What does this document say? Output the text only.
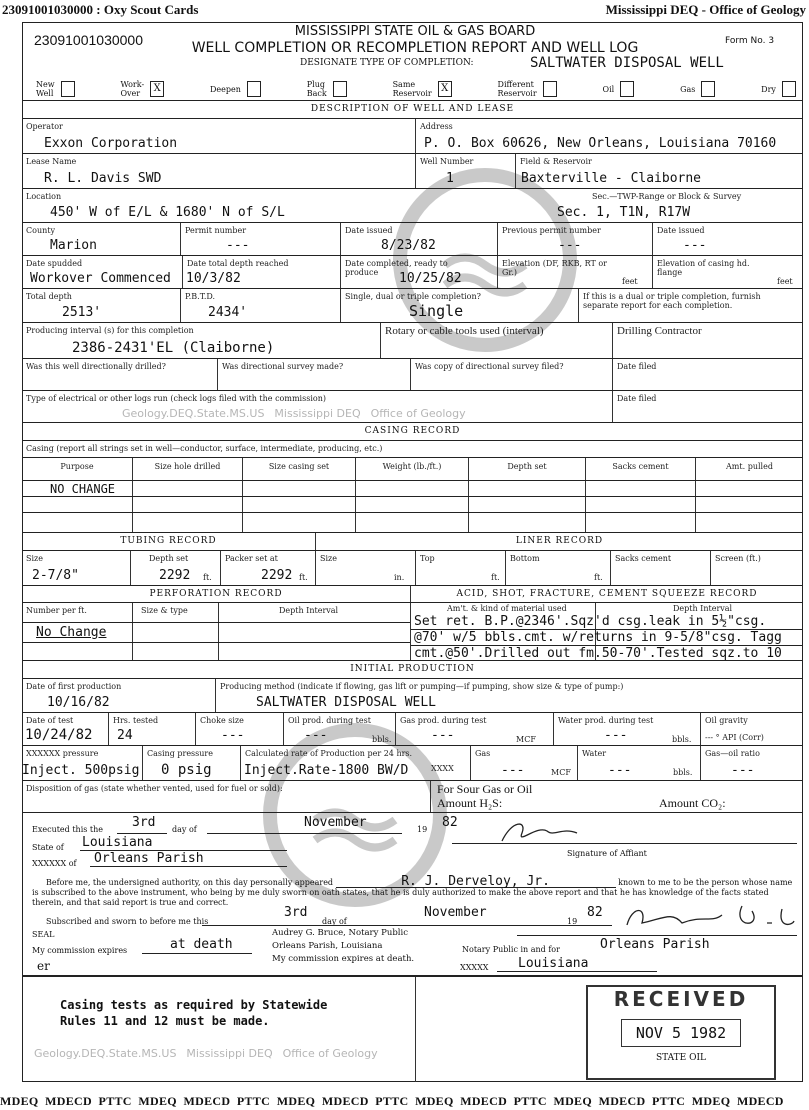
23091001030000 : Oxy Scout Cards	Mississippi DEQ - Office of Geology
23091001030000
MISSISSIPPI STATE OIL & GAS BOARD
WELL COMPLETION OR RECOMPLETION REPORT AND WELL LOG	Form No. 3
DESIGNATE TYPE OF COMPLETION:	SALTWATER DISPOSAL WELL
New Well
Work-Over	X	Deepen	Plug Back
Same Reservoir X	Different Reservoir	Oil	Gas	Dry
DESCRIPTION OF WELL AND LEASE
Operator
Exxon Corporation
Address
P. O. Box 60626, New Orleans, Louisiana 70160
Lease Name
R. L. Davis SWD
Well Number
1
Field & Reservoir
Baxterville - Claiborne
Location
450' W of E/L & 1680' N of S/L
Sec.—TWP-Range or Block & Survey
Sec. 1, T1N, R17W
County
Marion
Permit number
---
Date issued
8/23/82
Previous permit number
---
Date issued
---
Date spudded
Workover Commenced
Date total depth reached
10/3/82
Date completed, ready to produce	10/25/82
Elevation (DF, RKB, RT or Gr.)
feet
Elevation of casing hd. flange
feet
Total depth
2513'
P.B.T.D.
2434'
Single, dual or triple completion?
Single
If this is a dual or triple completion, furnish separate report for each completion.
Producing interval (s) for this completion
2386-2431'EL (Claiborne)
Rotary or cable tools used (interval)	Drilling Contractor
Was this well directionally drilled?	Was directional survey made?	Was copy of directional survey filed?	Date filed
Type of electrical or other logs run (check logs filed with the commission)
Geology.DEQ.State.MS.US Mississippi DEQ Office of Geology
Date filed
CASING RECORD
Casing (report all strings set in well—conductor, surface, intermediate, producing, etc.)
Purpose	Size hole drilled	Size casing set	Weight (lb./ft.)	Depth set	Sacks cement	Amt. pulled
NO CHANGE
TUBING RECORD	LINER RECORD
Size
2-7/8"
Depth set
2292 ft.
Packer set at
2292 ft.
Size
in.
Top
ft.
Bottom
ft.
Sacks cement	Screen (ft.)
PERFORATION RECORD	ACID, SHOT, FRACTURE, CEMENT SQUEEZE RECORD
Number per ft.	Size & type	Depth Interval
No Change
Am't. & kind of material used	Depth Interval
Set ret. B.P.@2346'.Sqz'd csg.leak in 5½"csg.
@70' w/5 bbls.cmt. w/returns in 9-5/8"csg. Tagg
cmt.@50'.Drilled out fm.50-70'.Tested sqz.to 10
INITIAL PRODUCTION
Date of first production
10/16/82
Producing method (indicate if flowing, gas lift or pumping—if pumping, show size & type of pump:)
SALTWATER DISPOSAL WELL
Date of test
10/24/82
Hrs. tested
24
Choke size
---
Oil prod. during test
---	bbls.
Gas prod. during test
---	MCF
Water prod. during test
---	bbls.
Oil gravity
--- ° API (Corr)
XXXXXX pressure
Inject. 500psig
Casing pressure
0 psig
Calculated rate of Production per 24 hrs.
Inject.Rate-1800 BW/D	XXXX
Gas
---	MCF
Water
---	bbls.
Gas—oil ratio
---
Disposition of gas (state whether vented, used for fuel or sold):	For Sour Gas or Oil
Amount H₂S:	Amount CO₂:
Executed this the 3rd day of	November	19 82
State of Louisiana
XXXXXX of Orleans Parish	Signature of Affiant
Before me, the undersigned authority, on this day personally appeared	R. J. Derveloy, Jr.	known to me to be the person whose name is subscribed to the above instrument, who being by me duly sworn on oath states, that he is duly authorized to make the above report and that he has knowledge of the facts stated therein, and that said report is true and correct.
Subscribed and sworn to before me this
3rd
day of
November
19
82
SEAL
My commission expires	at death
er
Audrey G. Bruce, Notary Public
Orleans Parish, Louisiana
My commission expires at death.
Notary Public in and for	Orleans Parish
XXXXX Louisiana
Casing tests as required by Statewide
Rules 11 and 12 must be made.
Geology.DEQ.State.MS.US Mississippi DEQ Office of Geology
RECEIVED
NOV 5 1982
STATE OIL
MDEQ  MDECD  PTTC  MDEQ  MDECD  PTTC  MDEQ  MDECD  PTTC  MDEQ  MDECD  PTTC  MDEQ  MDECD  PTTC  MDEQ  MDECD
